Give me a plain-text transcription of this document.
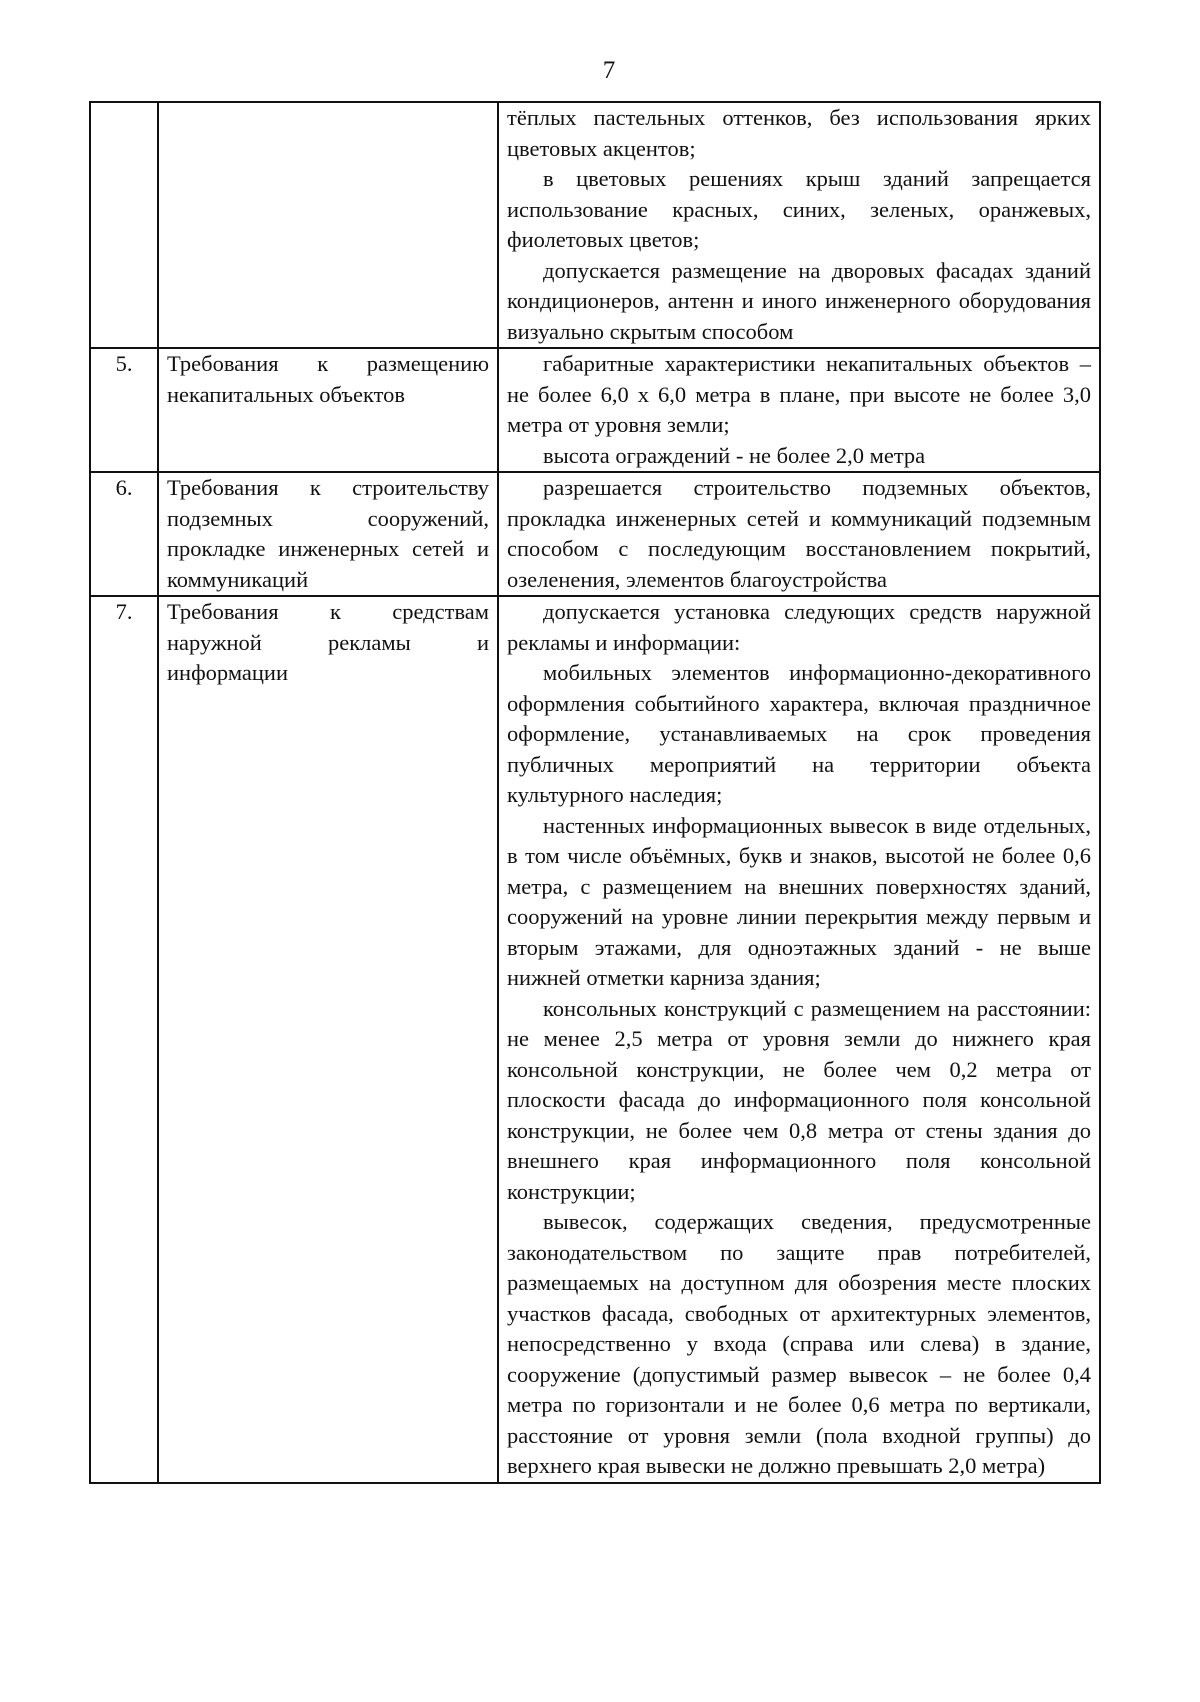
7

		тёплых пастельных оттенков, без использования ярких цветовых акцентов;

в цветовых решениях крыш зданий запрещается использование красных, синих, зеленых, оранжевых, фиолетовых цветов;

допускается размещение на дворовых фасадах зданий кондиционеров, антенн и иного инженерного оборудования визуально скрытым способом

5.	Требования к размещению некапитальных объектов	габаритные характеристики некапитальных объектов – не более 6,0 х 6,0 метра в плане, при высоте не более 3,0 метра от уровня земли;

высота ограждений - не более 2,0 метра

6.	Требования к строительству подземных сооружений, прокладке инженерных сетей и коммуникаций	разрешается строительство подземных объектов, прокладка инженерных сетей и коммуникаций подземным способом с последующим восстановлением покрытий, озеленения, элементов благоустройства

7.	Требования к средствам наружной рекламы и информации	допускается установка следующих средств наружной рекламы и информации:

мобильных элементов информационно-декоративного оформления событийного характера, включая праздничное оформление, устанавливаемых на срок проведения публичных мероприятий на территории объекта культурного наследия;

настенных информационных вывесок в виде отдельных, в том числе объёмных, букв и знаков, высотой не более 0,6 метра, с размещением на внешних поверхностях зданий, сооружений на уровне линии перекрытия между первым и вторым этажами, для одноэтажных зданий - не выше нижней отметки карниза здания;

консольных конструкций с размещением на расстоянии: не менее 2,5 метра от уровня земли до нижнего края консольной конструкции, не более чем 0,2 метра от плоскости фасада до информационного поля консольной конструкции, не более чем 0,8 метра от стены здания до внешнего края информационного поля консольной конструкции;

вывесок, содержащих сведения, предусмотренные законодательством по защите прав потребителей, размещаемых на доступном для обозрения месте плоских участков фасада, свободных от архитектурных элементов, непосредственно у входа (справа или слева) в здание, сооружение (допустимый размер вывесок – не более 0,4 метра по горизонтали и не более 0,6 метра по вертикали, расстояние от уровня земли (пола входной группы) до верхнего края вывески не должно превышать 2,0 метра)
